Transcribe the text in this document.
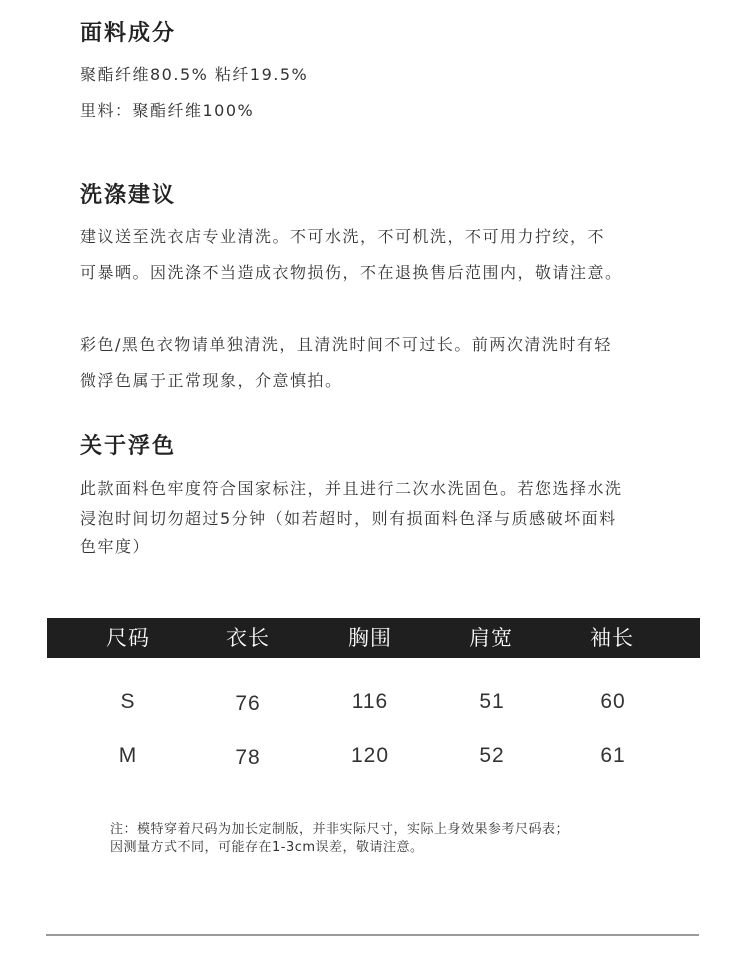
面料成分
聚酯纤维80.5% 粘纤19.5%
里料：聚酯纤维100%
洗涤建议
建议送至洗衣店专业清洗。不可水洗，不可机洗，不可用力拧绞，不
可暴晒。因洗涤不当造成衣物损伤，不在退换售后范围内，敬请注意。
彩色/黑色衣物请单独清洗，且清洗时间不可过长。前两次清洗时有轻
微浮色属于正常现象，介意慎拍。
关于浮色
此款面料色牢度符合国家标注，并且进行二次水洗固色。若您选择水洗
浸泡时间切勿超过5分钟（如若超时，则有损面料色泽与质感破坏面料
色牢度）
尺码	衣长	胸围	肩宽	袖长
S	76	116	51	60
M	78	120	52	61
注：模特穿着尺码为加长定制版，并非实际尺寸，实际上身效果参考尺码表；
因测量方式不同，可能存在1-3cm误差，敬请注意。
